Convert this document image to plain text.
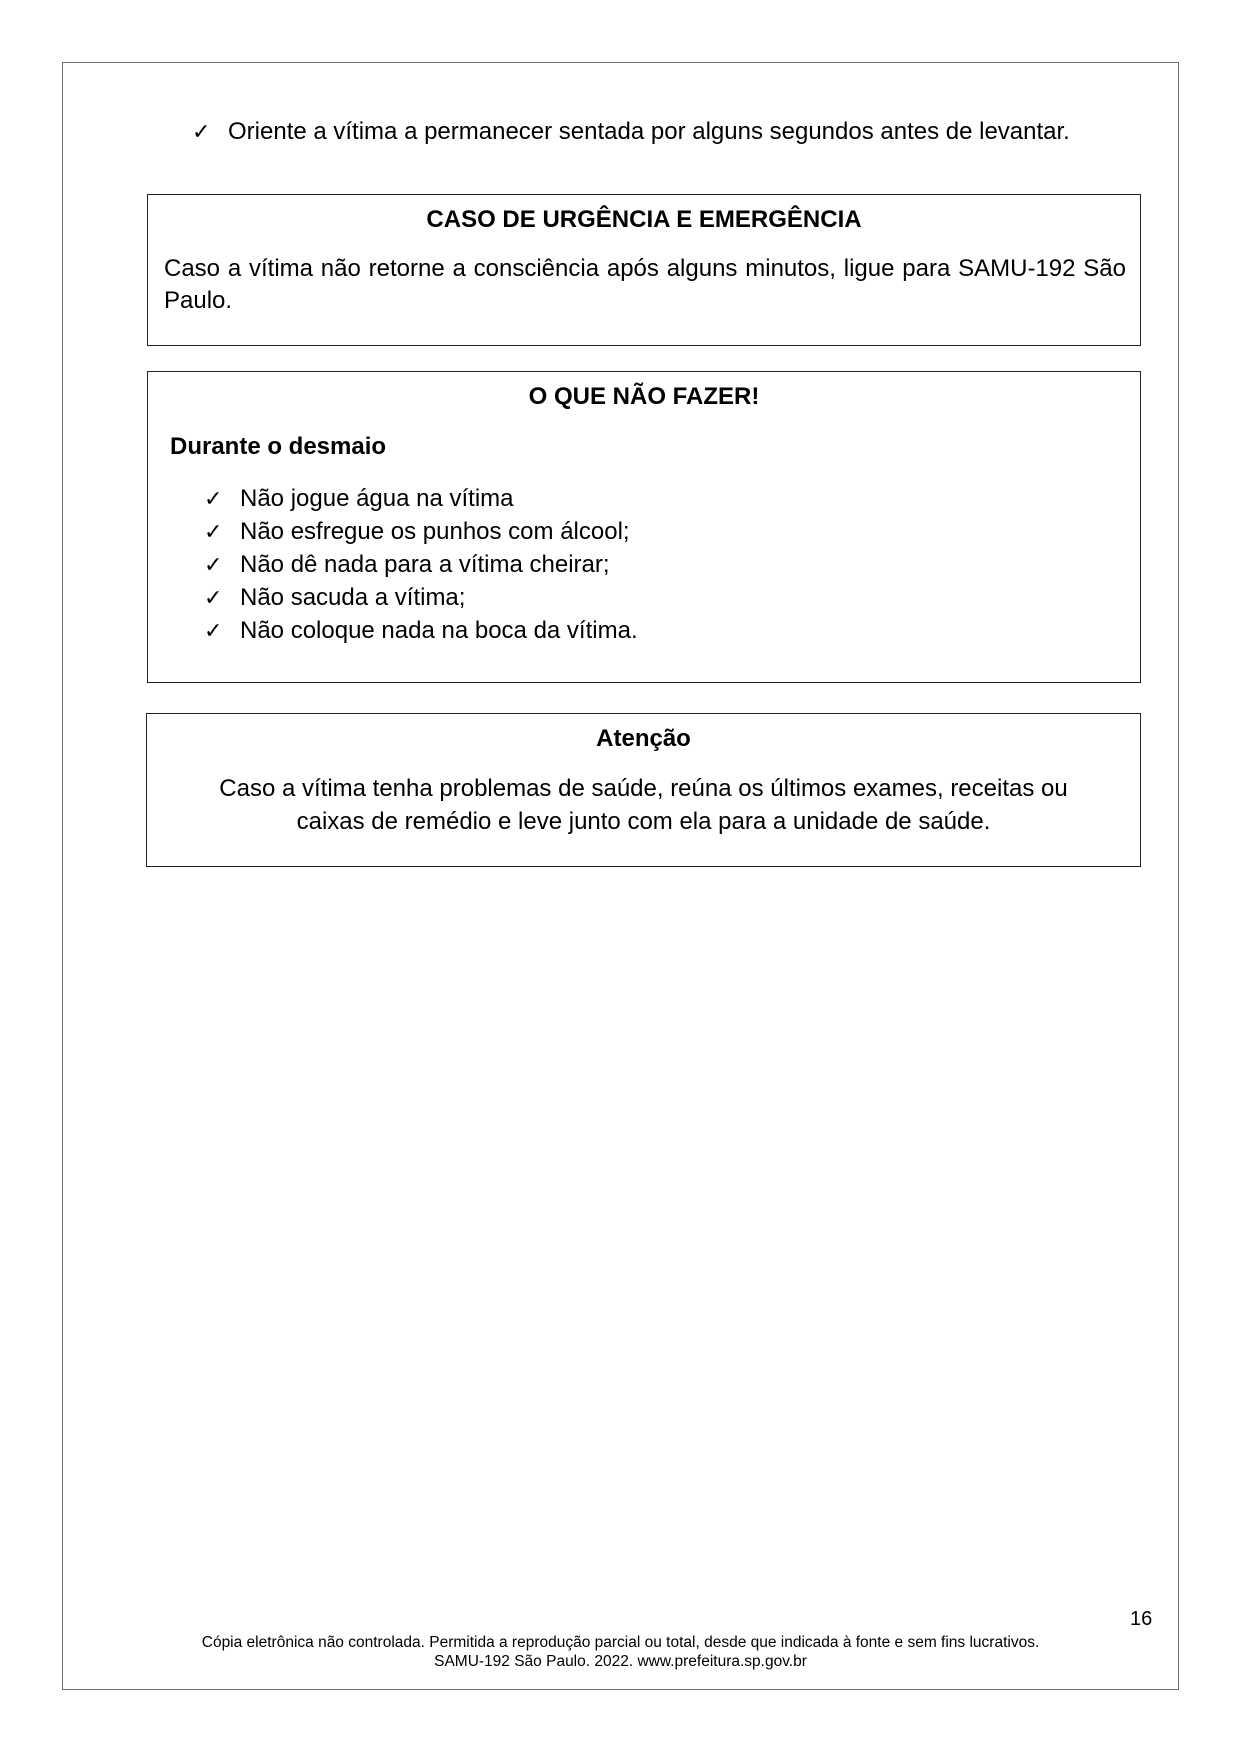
✓ Oriente a vítima a permanecer sentada por alguns segundos antes de levantar.
CASO DE URGÊNCIA E EMERGÊNCIA
Caso a vítima não retorne a consciência após alguns minutos, ligue para SAMU-192 São Paulo.
O QUE NÃO FAZER!
Durante o desmaio
✓ Não jogue água na vítima
✓ Não esfregue os punhos com álcool;
✓ Não dê nada para a vítima cheirar;
✓ Não sacuda a vítima;
✓ Não coloque nada na boca da vítima.
Atenção
Caso a vítima tenha problemas de saúde, reúna os últimos exames, receitas ou caixas de remédio e leve junto com ela para a unidade de saúde.
16
Cópia eletrônica não controlada. Permitida a reprodução parcial ou total, desde que indicada à fonte e sem fins lucrativos.
SAMU-192 São Paulo. 2022. www.prefeitura.sp.gov.br
